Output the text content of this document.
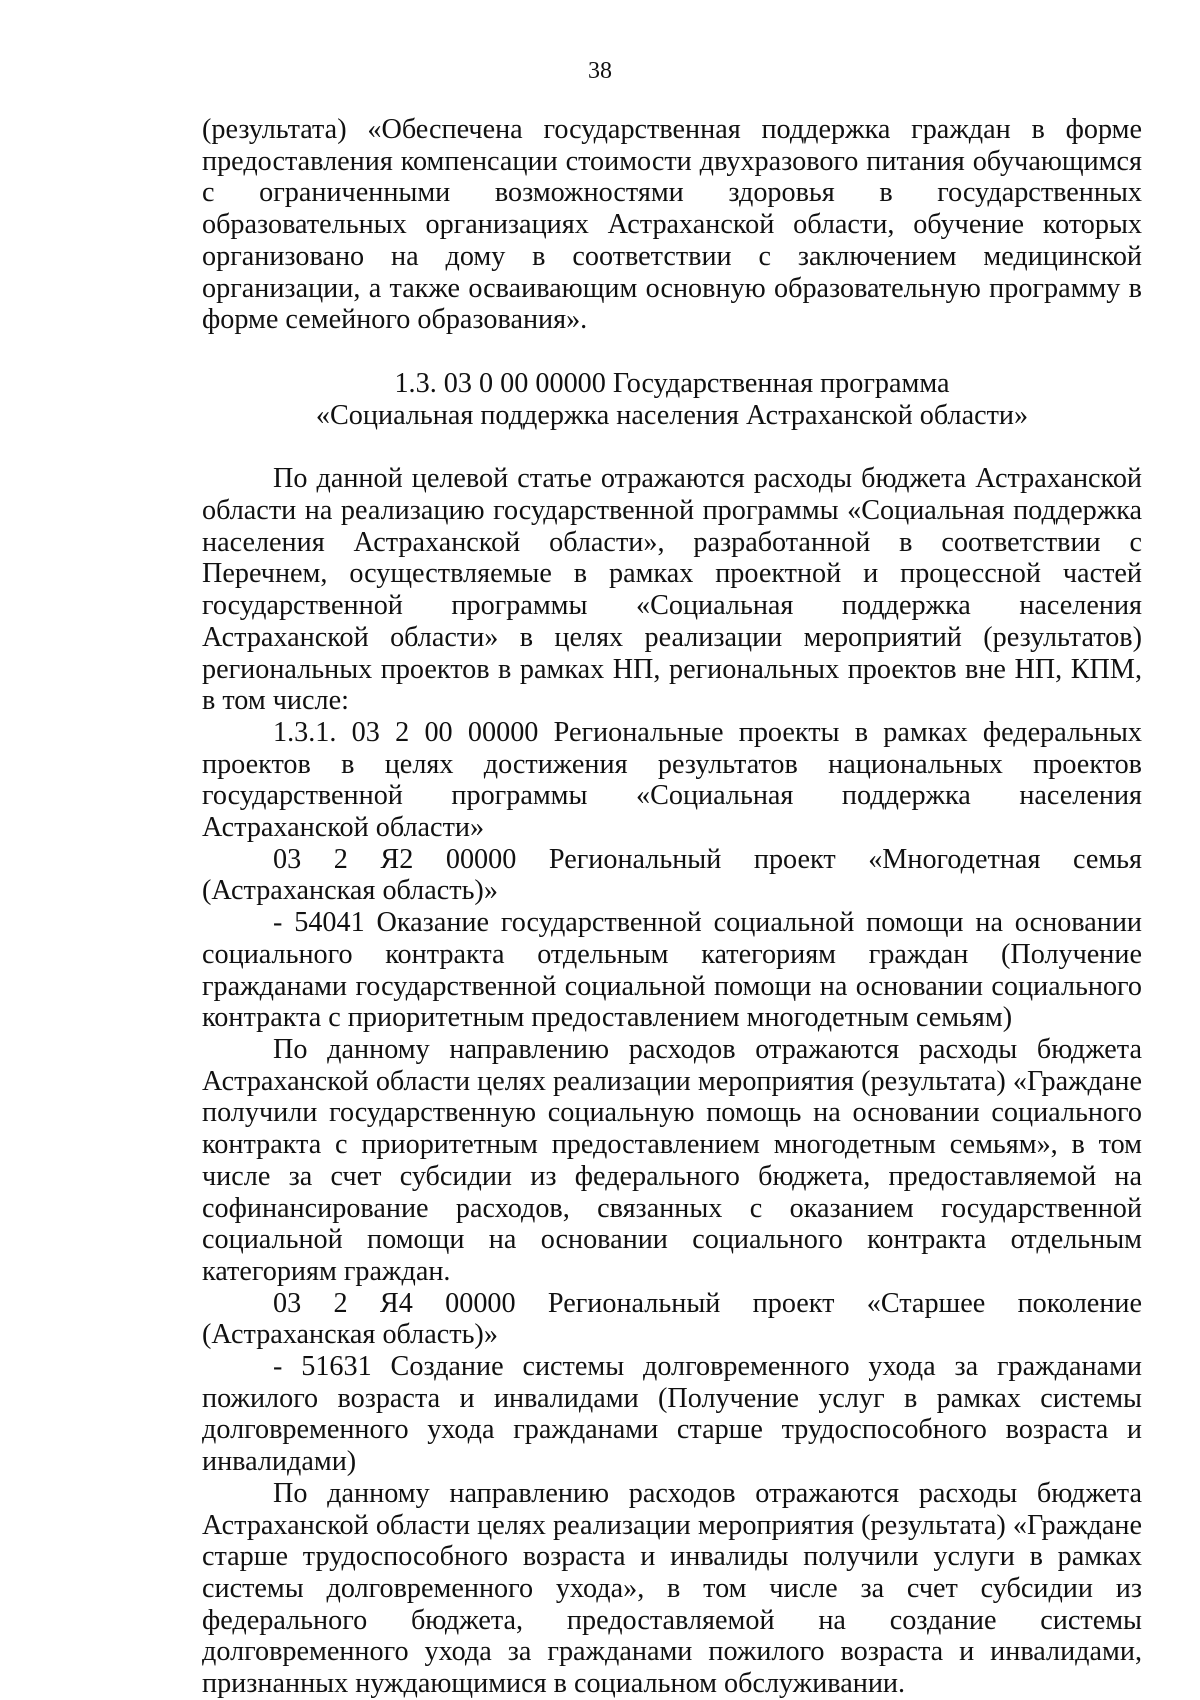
38

(результата) «Обеспечена государственная поддержка граждан в форме предоставления компенсации стоимости двухразового питания обучающимся с ограниченными возможностями здоровья в государственных образовательных организациях Астраханской области, обучение которых организовано на дому в соответствии с заключением медицинской организации, а также осваивающим основную образовательную программу в форме семейного образования».

1.3. 03 0 00 00000 Государственная программа
«Социальная поддержка населения Астраханской области»

По данной целевой статье отражаются расходы бюджета Астраханской области на реализацию государственной программы «Социальная поддержка населения Астраханской области», разработанной в соответствии с Перечнем, осуществляемые в рамках проектной и процессной частей государственной программы «Социальная поддержка населения Астраханской области» в целях реализации мероприятий (результатов) региональных проектов в рамках НП, региональных проектов вне НП, КПМ, в том числе:

1.3.1. 03 2 00 00000 Региональные проекты в рамках федеральных проектов в целях достижения результатов национальных проектов государственной программы «Социальная поддержка населения Астраханской области»

03 2 Я2 00000 Региональный проект «Многодетная семья (Астраханская область)»

- 54041 Оказание государственной социальной помощи на основании социального контракта отдельным категориям граждан (Получение гражданами государственной социальной помощи на основании социального контракта с приоритетным предоставлением многодетным семьям)

По данному направлению расходов отражаются расходы бюджета Астраханской области целях реализации мероприятия (результата) «Граждане получили государственную социальную помощь на основании социального контракта с приоритетным предоставлением многодетным семьям», в том числе за счет субсидии из федерального бюджета, предоставляемой на софинансирование расходов, связанных с оказанием государственной социальной помощи на основании социального контракта отдельным категориям граждан.

03 2 Я4 00000 Региональный проект «Старшее поколение (Астраханская область)»

- 51631 Создание системы долговременного ухода за гражданами пожилого возраста и инвалидами (Получение услуг в рамках системы долговременного ухода гражданами старше трудоспособного возраста и инвалидами)

По данному направлению расходов отражаются расходы бюджета Астраханской области целях реализации мероприятия (результата) «Граждане старше трудоспособного возраста и инвалиды получили услуги в рамках системы долговременного ухода», в том числе за счет субсидии из федерального бюджета, предоставляемой на создание системы долговременного ухода за гражданами пожилого возраста и инвалидами, признанных нуждающимися в социальном обслуживании.
